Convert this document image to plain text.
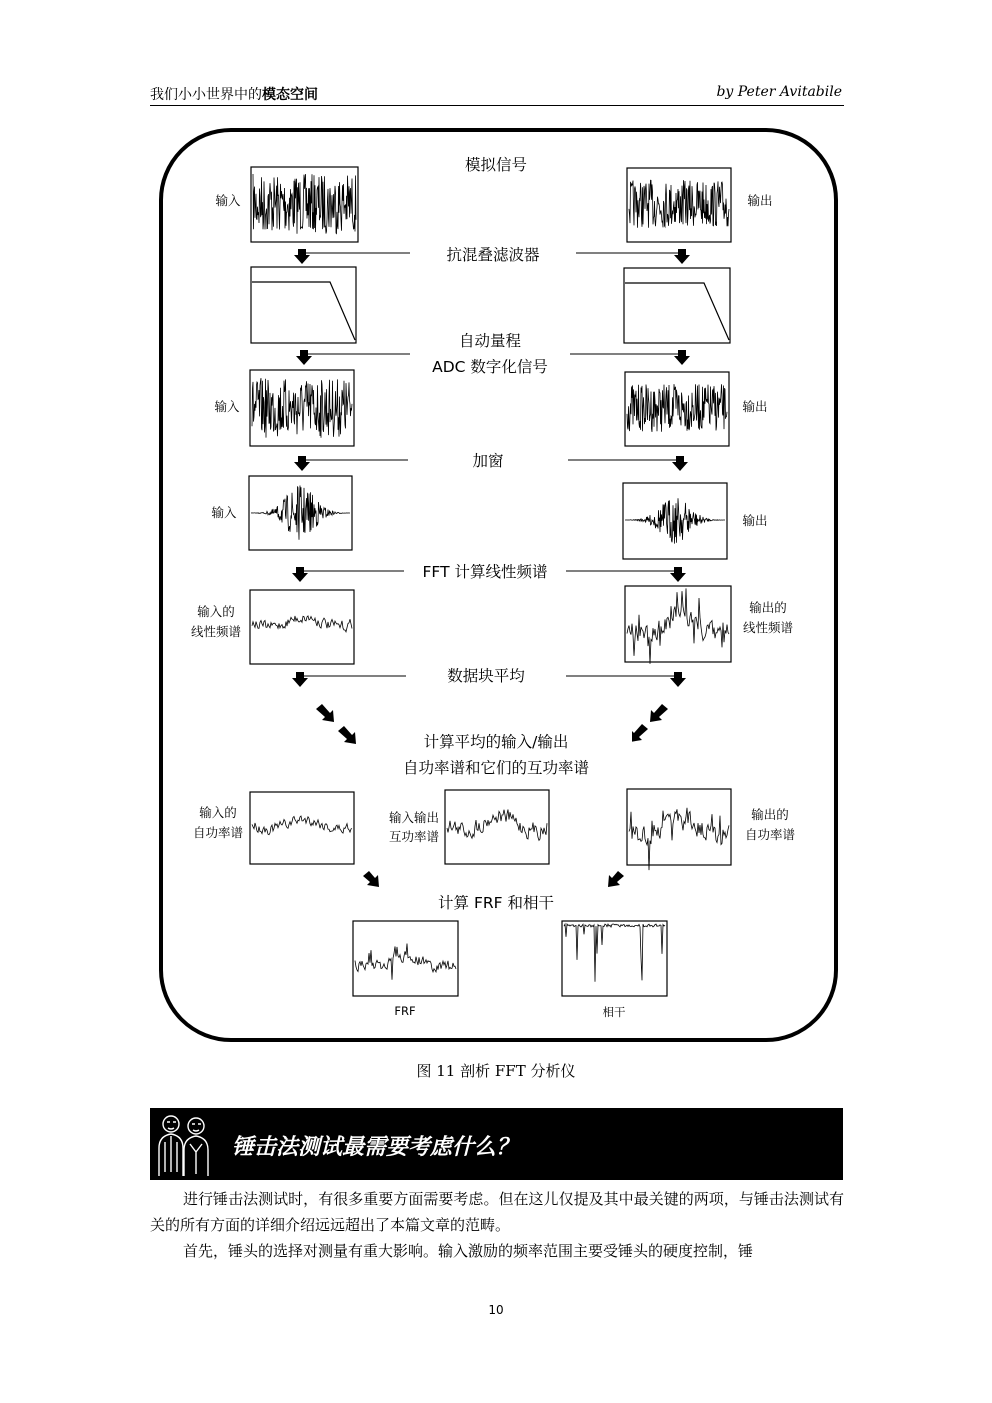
我们小小世界中的模态空间	by Peter Avitabile
模拟信号
抗混叠滤波器
自动量程
ADC 数字化信号
加窗
FFT 计算线性频谱
数据块平均
计算平均的输入/输出
自功率谱和它们的互功率谱
计算 FRF 和相干
输入	输出
输入	输出
输入
输出
输入的
线性频谱
输出的
线性频谱
输入的
自功率谱
输入输出
互功率谱
输出的
自功率谱
FRF	相干
图 11 剖析 FFT 分析仪
锤击法测试最需要考虑什么？
进行锤击法测试时，有很多重要方面需要考虑。但在这儿仅提及其中最关键的两项，与锤击法测试有关的所有方面的详细介绍远远超出了本篇文章的范畴。
首先，锤头的选择对测量有重大影响。输入激励的频率范围主要受锤头的硬度控制，锤
10
